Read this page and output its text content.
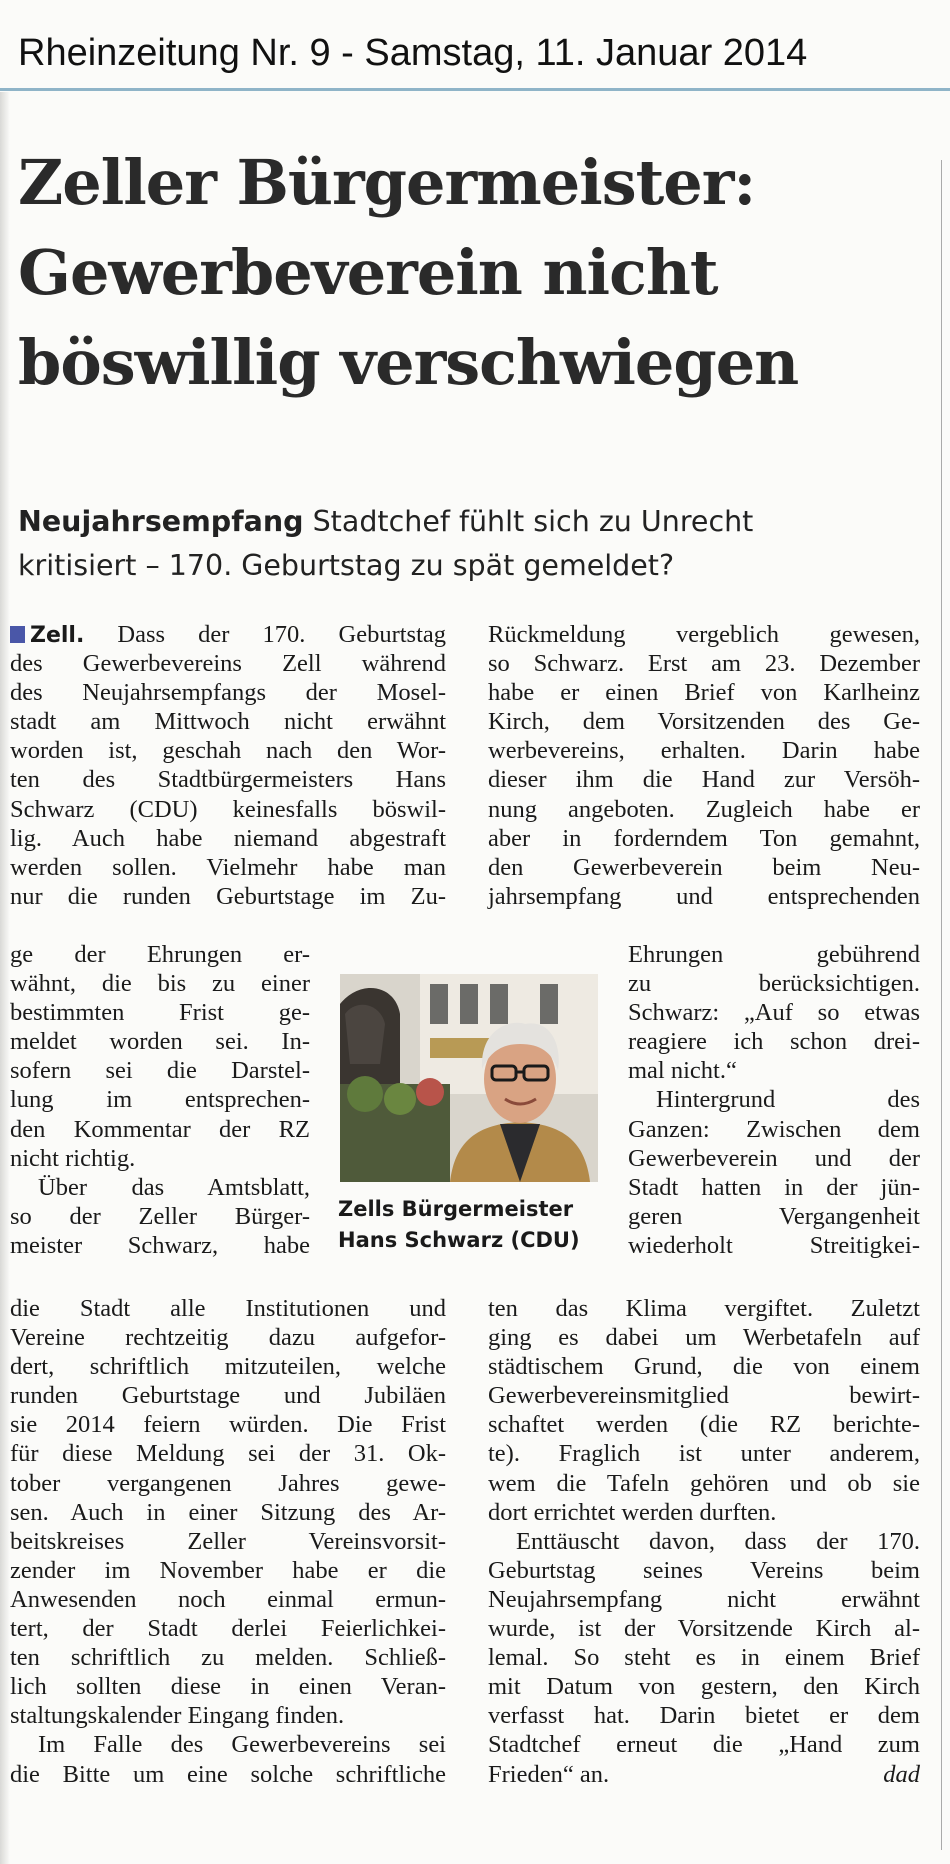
Rheinzeitung Nr. 9 - Samstag, 11. Januar 2014
Zeller Bürgermeister:
Gewerbeverein nicht
böswillig verschwiegen
Neujahrsempfang Stadtchef fühlt sich zu Unrecht
kritisiert – 170. Geburtstag zu spät gemeldet?
Zell. Dass der 170. Geburtstag
des Gewerbevereins Zell während
des Neujahrsempfangs der Mosel-
stadt am Mittwoch nicht erwähnt
worden ist, geschah nach den Wor-
ten des Stadtbürgermeisters Hans
Schwarz (CDU) keinesfalls böswil-
lig. Auch habe niemand abgestraft
werden sollen. Vielmehr habe man
nur die runden Geburtstage im Zu-
ge der Ehrungen er-
wähnt, die bis zu einer
bestimmten Frist ge-
meldet worden sei. In-
sofern sei die Darstel-
lung im entsprechen-
den Kommentar der RZ
nicht richtig.
Über das Amtsblatt,
so der Zeller Bürger-
meister Schwarz, habe
die Stadt alle Institutionen und
Vereine rechtzeitig dazu aufgefor-
dert, schriftlich mitzuteilen, welche
runden Geburtstage und Jubiläen
sie 2014 feiern würden. Die Frist
für diese Meldung sei der 31. Ok-
tober vergangenen Jahres gewe-
sen. Auch in einer Sitzung des Ar-
beitskreises Zeller Vereinsvorsit-
zender im November habe er die
Anwesenden noch einmal ermun-
tert, der Stadt derlei Feierlichkei-
ten schriftlich zu melden. Schließ-
lich sollten diese in einen Veran-
staltungskalender Eingang finden.
Im Falle des Gewerbevereins sei
die Bitte um eine solche schriftliche
Rückmeldung vergeblich gewesen,
so Schwarz. Erst am 23. Dezember
habe er einen Brief von Karlheinz
Kirch, dem Vorsitzenden des Ge-
werbevereins, erhalten. Darin habe
dieser ihm die Hand zur Versöh-
nung angeboten. Zugleich habe er
aber in forderndem Ton gemahnt,
den Gewerbeverein beim Neu-
jahrsempfang und entsprechenden
Ehrungen gebührend
zu berücksichtigen.
Schwarz: „Auf so etwas
reagiere ich schon drei-
mal nicht.“
Hintergrund des
Ganzen: Zwischen dem
Gewerbeverein und der
Stadt hatten in der jün-
geren Vergangenheit
wiederholt Streitigkei-
ten das Klima vergiftet. Zuletzt
ging es dabei um Werbetafeln auf
städtischem Grund, die von einem
Gewerbevereinsmitglied bewirt-
schaftet werden (die RZ berichte-
te). Fraglich ist unter anderem,
wem die Tafeln gehören und ob sie
dort errichtet werden durften.
Enttäuscht davon, dass der 170.
Geburtstag seines Vereins beim
Neujahrsempfang nicht erwähnt
wurde, ist der Vorsitzende Kirch al-
lemal. So steht es in einem Brief
mit Datum von gestern, den Kirch
verfasst hat. Darin bietet er dem
Stadtchef erneut die „Hand zum
Frieden“ an.	dad
Zells Bürgermeister
Hans Schwarz (CDU)
